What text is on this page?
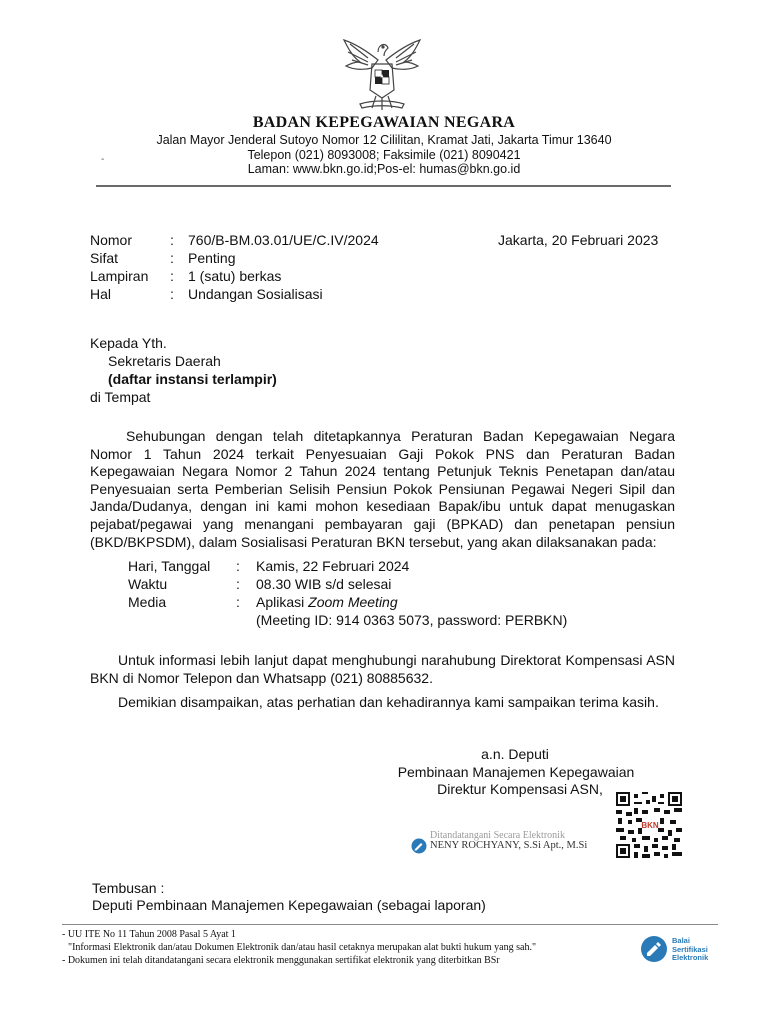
BADAN KEPEGAWAIAN NEGARA
Jalan Mayor Jenderal Sutoyo Nomor 12 Cililitan, Kramat Jati, Jakarta Timur 13640
Telepon (021) 8093008; Faksimile (021) 8090421
Laman: www.bkn.go.id;Pos-el: humas@bkn.go.id
-
Nomor	: 760/B-BM.03.01/UE/C.IV/2024	Jakarta, 20 Februari 2023
Sifat	: Penting
Lampiran : 1 (satu) berkas
Hal	: Undangan Sosialisasi
Kepada Yth.
Sekretaris Daerah
(daftar instansi terlampir)
di Tempat
Sehubungan dengan telah ditetapkannya Peraturan Badan Kepegawaian Negara Nomor 1 Tahun 2024 terkait Penyesuaian Gaji Pokok PNS dan Peraturan Badan Kepegawaian Negara Nomor 2 Tahun 2024 tentang Petunjuk Teknis Penetapan dan/atau Penyesuaian serta Pemberian Selisih Pensiun Pokok Pensiunan Pegawai Negeri Sipil dan Janda/Dudanya, dengan ini kami mohon kesediaan Bapak/ibu untuk dapat menugaskan pejabat/pegawai yang menangani pembayaran gaji (BPKAD) dan penetapan pensiun (BKD/BKPSDM), dalam Sosialisasi Peraturan BKN tersebut, yang akan dilaksanakan pada:
Hari, Tanggal : Kamis, 22 Februari 2024
Waktu	: 08.30 WIB s/d selesai
Media	: Aplikasi Zoom Meeting
(Meeting ID: 914 0363 5073, password: PERBKN)
Untuk informasi lebih lanjut dapat menghubungi narahubung Direktorat Kompensasi ASN BKN di Nomor Telepon dan Whatsapp (021) 80885632.
Demikian disampaikan, atas perhatian dan kehadirannya kami sampaikan terima kasih.
a.n. Deputi
Pembinaan Manajemen Kepegawaian
Direktur Kompensasi ASN,
BKN
Ditandatangani Secara Elektronik
NENY ROCHYANY, S.Si Apt., M.Si
Tembusan :
Deputi Pembinaan Manajemen Kepegawaian (sebagai laporan)
- UU ITE No 11 Tahun 2008 Pasal 5 Ayat 1
"Informasi Elektronik dan/atau Dokumen Elektronik dan/atau hasil cetaknya merupakan alat bukti hukum yang sah."
- Dokumen ini telah ditandatangani secara elektronik menggunakan sertifikat elektronik yang diterbitkan BSr
Balai
Sertifikasi
Elektronik
